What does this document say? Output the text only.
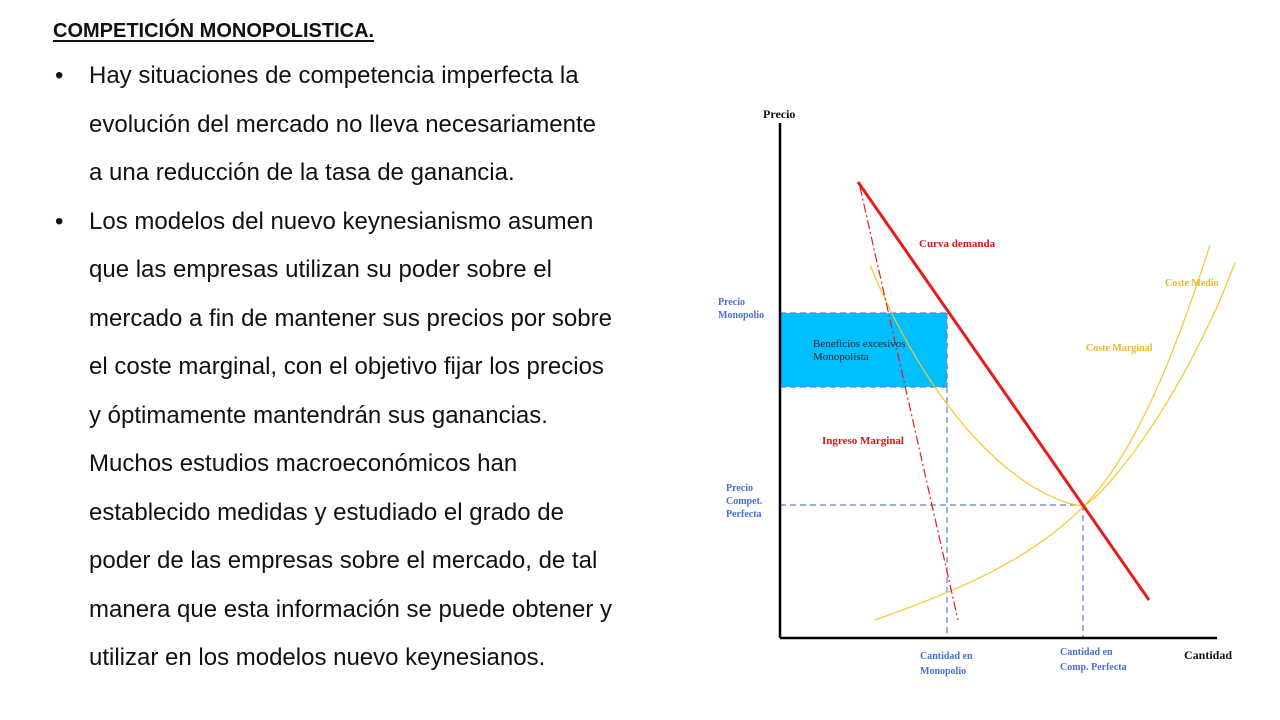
COMPETICIÓN MONOPOLISTICA.
• Hay situaciones de competencia imperfecta la
evolución del mercado no lleva necesariamente
a una reducción de la tasa de ganancia.
• Los modelos del nuevo keynesianismo asumen
que las empresas utilizan su poder sobre el
mercado a fin de mantener sus precios por sobre
el coste marginal, con el objetivo fijar los precios
y óptimamente mantendrán sus ganancias.
Muchos estudios macroeconómicos han
establecido medidas y estudiado el grado de
poder de las empresas sobre el mercado, de tal
manera que esta información se puede obtener y
utilizar en los modelos nuevo keynesianos.
Precio
Cantidad
Curva demanda
Ingreso Marginal
Coste Medio
Coste Marginal
Precio Monopolio
Precio Compet. Perfecta
Cantidad en Monopolio
Cantidad en Comp. Perfecta
Beneficios excesivos Monopolista
